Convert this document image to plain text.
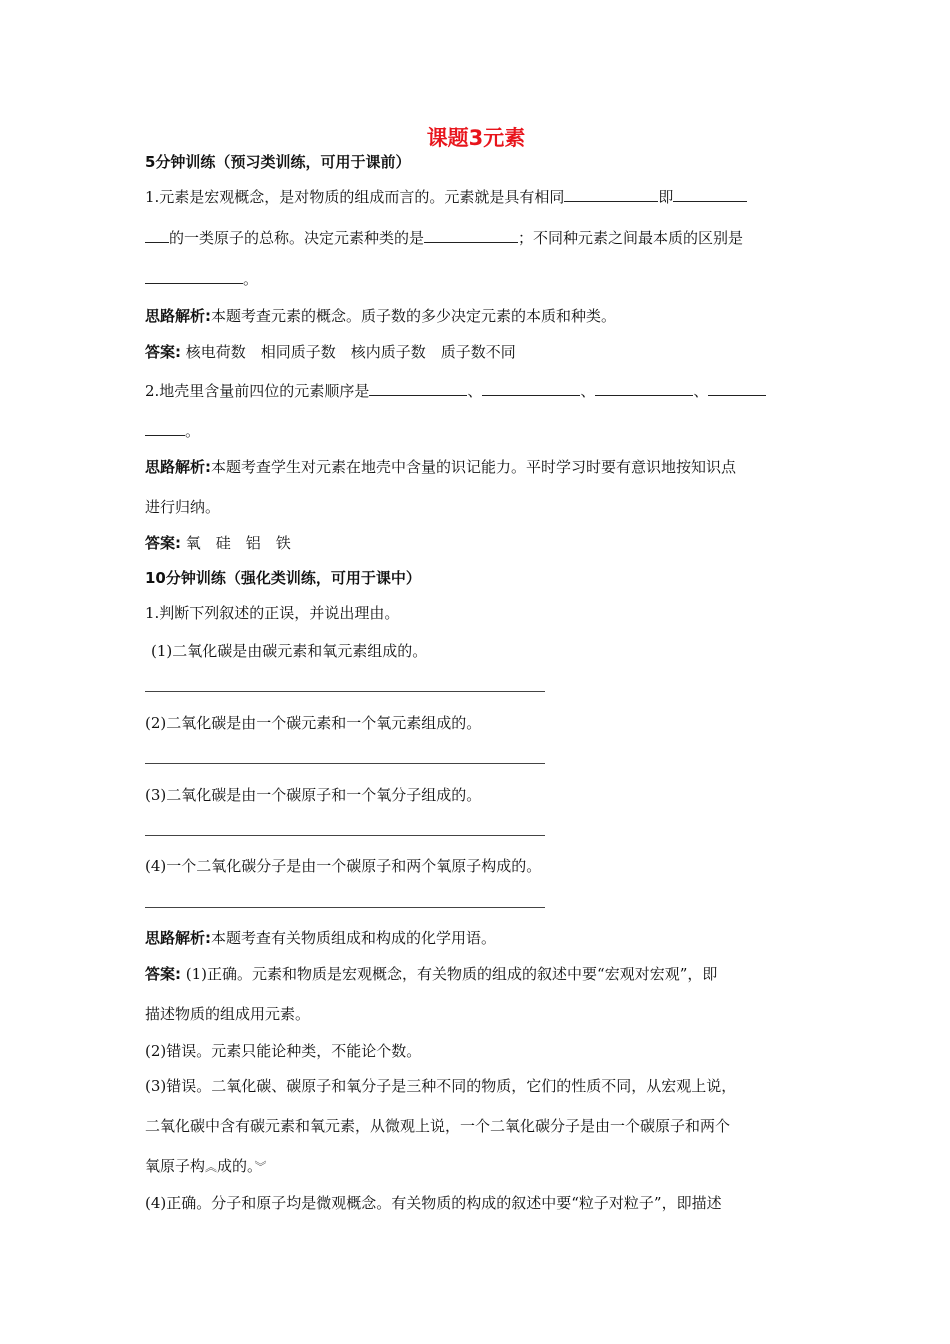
课题3元素
5分钟训练（预习类训练，可用于课前）
1.元素是宏观概念，是对物质的组成而言的。元素就是具有相同	即
的一类原子的总称。决定元素种类的是	；不同种元素之间最本质的区别是
。
思路解析:本题考查元素的概念。质子数的多少决定元素的本质和种类。
答案: 核电荷数　相同质子数　核内质子数　质子数不同
2.地壳里含量前四位的元素顺序是	、	、	、
。
思路解析:本题考查学生对元素在地壳中含量的识记能力。平时学习时要有意识地按知识点
进行归纳。
答案: 氧　硅　铝　铁
10分钟训练（强化类训练，可用于课中）
1.判断下列叙述的正误，并说出理由。
(1)二氧化碳是由碳元素和氧元素组成的。
(2)二氧化碳是由一个碳元素和一个氧元素组成的。
(3)二氧化碳是由一个碳原子和一个氧分子组成的。
(4)一个二氧化碳分子是由一个碳原子和两个氧原子构成的。
思路解析:本题考查有关物质组成和构成的化学用语。
答案: (1)正确。元素和物质是宏观概念，有关物质的组成的叙述中要“宏观对宏观”，即
描述物质的组成用元素。
(2)错误。元素只能论种类，不能论个数。
(3)错误。二氧化碳、碳原子和氧分子是三种不同的物质，它们的性质不同，从宏观上说，
二氧化碳中含有碳元素和氧元素，从微观上说，一个二氧化碳分子是由一个碳原子和两个
氧原子构︽成的。︾
(4)正确。分子和原子均是微观概念。有关物质的构成的叙述中要“粒子对粒子”，即描述
